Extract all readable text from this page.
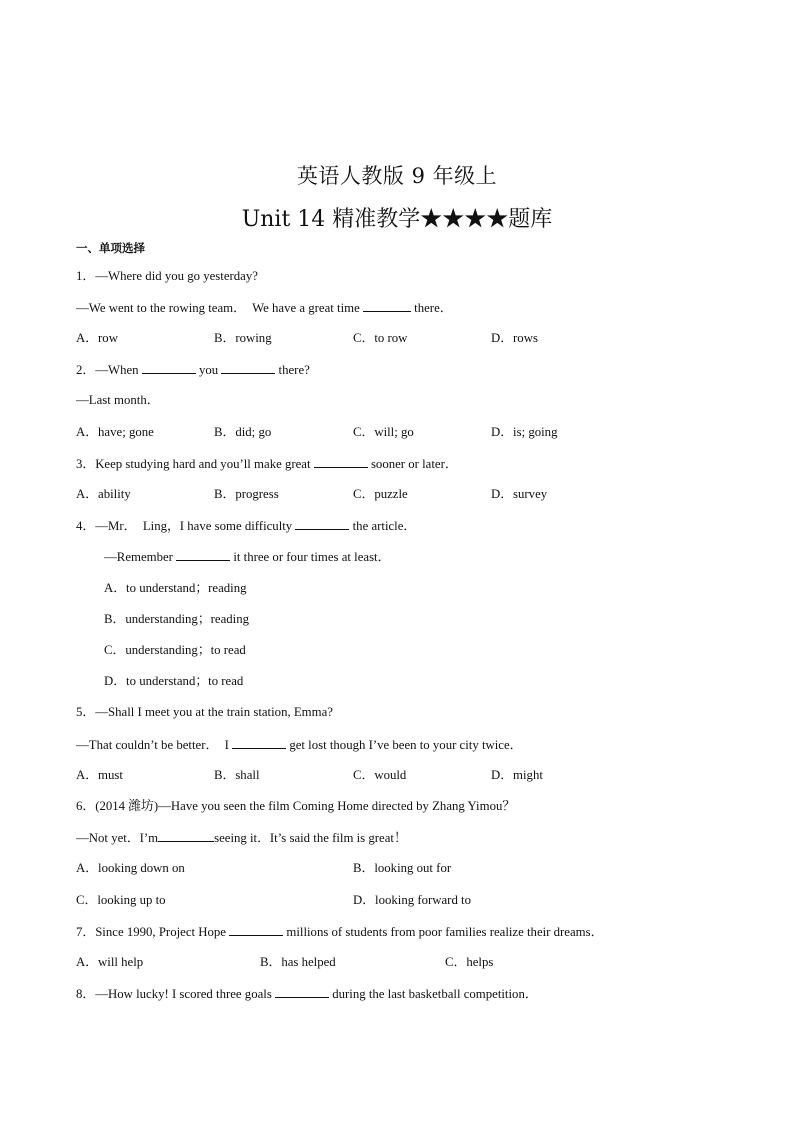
英语人教版 9 年级上
Unit 14 精准教学★★★★题库
一、单项选择
1．—Where did you go yesterday?
—We went to the rowing team．  We have a great time	there．
A．row	B．rowing	C．to row	D．rows
2．—When	you	there?
—Last month．
A．have; gone	B．did; go	C．will; go	D．is; going
3．Keep studying hard and you’ll make great	sooner or later．
A．ability	B．progress	C．puzzle	D．survey
4．—Mr．  Ling，I have some difficulty	the article．
—Remember	it three or four times at least．
A．to understand；reading
B．understanding；reading
C．understanding；to read
D．to understand；to read
5．—Shall I meet you at the train station, Emma?
—That couldn’t be better．  I	get lost though I’ve been to your city twice．
A．must	B．shall	C．would	D．might
6．(2014 潍坊)—Have you seen the film Coming Home directed by Zhang Yimou？
—Not yet．I’m	seeing it．It’s said the film is great！
A．looking down on	B．looking out for
C．looking up to	D．looking forward to
7．Since 1990, Project Hope	millions of students from poor families realize their dreams．
A．will help	B．has helped	C．helps
8．—How lucky! I scored three goals	during the last basketball competition．
